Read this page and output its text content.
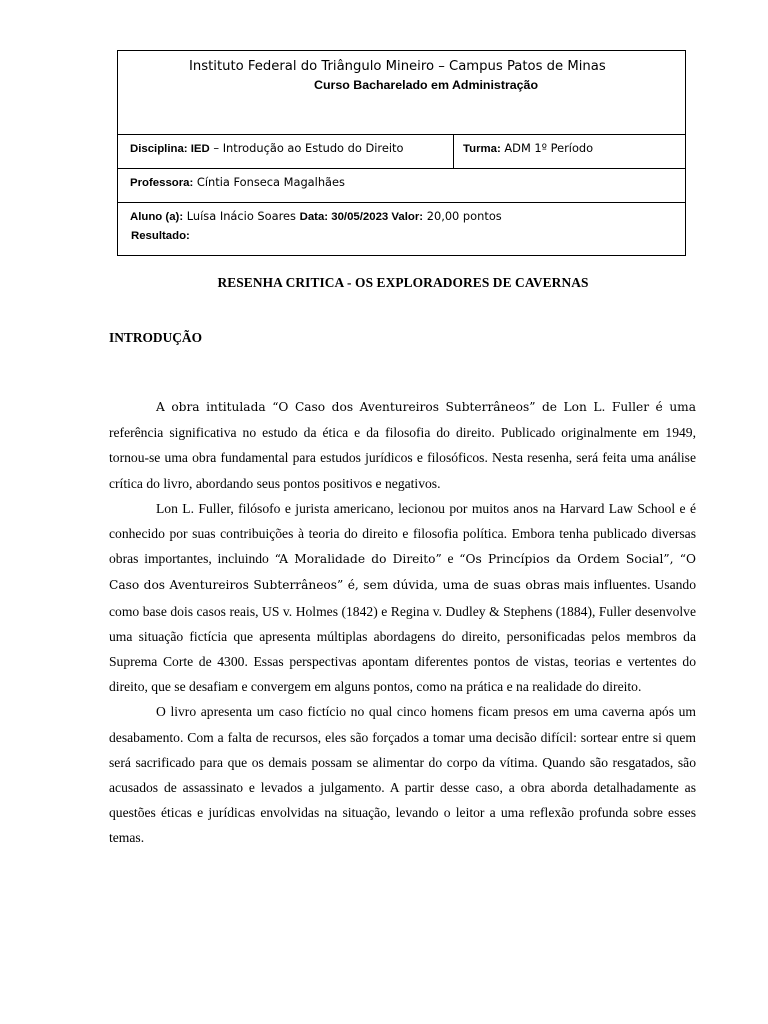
Instituto Federal do Triângulo Mineiro – Campus Patos de Minas
Curso Bacharelado em Administração
Disciplina: IED – Introdução ao Estudo do Direito	Turma: ADM 1º Período
Professora: Cíntia Fonseca Magalhães
Aluno (a): Luísa Inácio Soares Data: 30/05/2023 Valor: 20,00 pontos
Resultado:
RESENHA CRITICA - OS EXPLORADORES DE CAVERNAS
INTRODUÇÃO

A obra intitulada “O Caso dos Aventureiros Subterrâneos” de Lon L. Fuller é uma referência significativa no estudo da ética e da filosofia do direito. Publicado originalmente em 1949, tornou-se uma obra fundamental para estudos jurídicos e filosóficos. Nesta resenha, será feita uma análise crítica do livro, abordando seus pontos positivos e negativos.

Lon L. Fuller, filósofo e jurista americano, lecionou por muitos anos na Harvard Law School e é conhecido por suas contribuições à teoria do direito e filosofia política. Embora tenha publicado diversas obras importantes, incluindo “A Moralidade do Direito” e “Os Princípios da Ordem Social”, “O Caso dos Aventureiros Subterrâneos” é, sem dúvida, uma de suas obras mais influentes. Usando como base dois casos reais, US v. Holmes (1842) e Regina v. Dudley & Stephens (1884), Fuller desenvolve uma situação fictícia que apresenta múltiplas abordagens do direito, personificadas pelos membros da Suprema Corte de 4300. Essas perspectivas apontam diferentes pontos de vistas, teorias e vertentes do direito, que se desafiam e convergem em alguns pontos, como na prática e na realidade do direito.

O livro apresenta um caso fictício no qual cinco homens ficam presos em uma caverna após um desabamento. Com a falta de recursos, eles são forçados a tomar uma decisão difícil: sortear entre si quem será sacrificado para que os demais possam se alimentar do corpo da vítima. Quando são resgatados, são acusados de assassinato e levados a julgamento. A partir desse caso, a obra aborda detalhadamente as questões éticas e jurídicas envolvidas na situação, levando o leitor a uma reflexão profunda sobre esses temas.
